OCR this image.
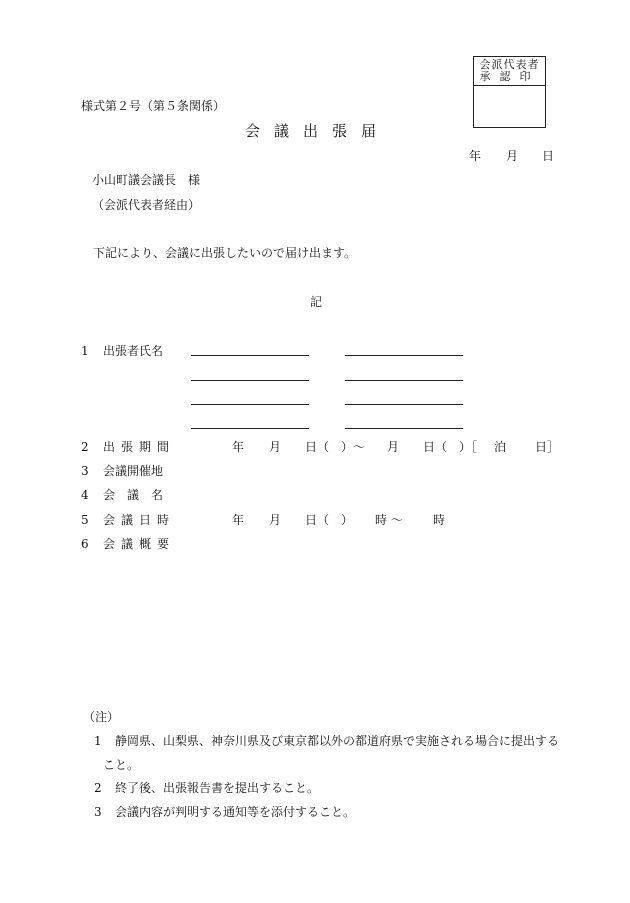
会派代表者
承認印
様式第２号（第５条関係）
会議出張届
年 月 日
小山町議会議長　様
（会派代表者経由）
下記により、会議に出張したいので届け出ます。
記
1 出張者氏名
2 出張期間	年 月 日（　）～ 月 日（　）［ 泊 日］
3 会議開催地
4 会議名
5 会議日時	年 月 日（　） 時 ～	時
6 会議概要
（注）
1 静岡県、山梨県、神奈川県及び東京都以外の都道府県で実施される場合に提出する
こと。
2 終了後、出張報告書を提出すること。
3 会議内容が判明する通知等を添付すること。
